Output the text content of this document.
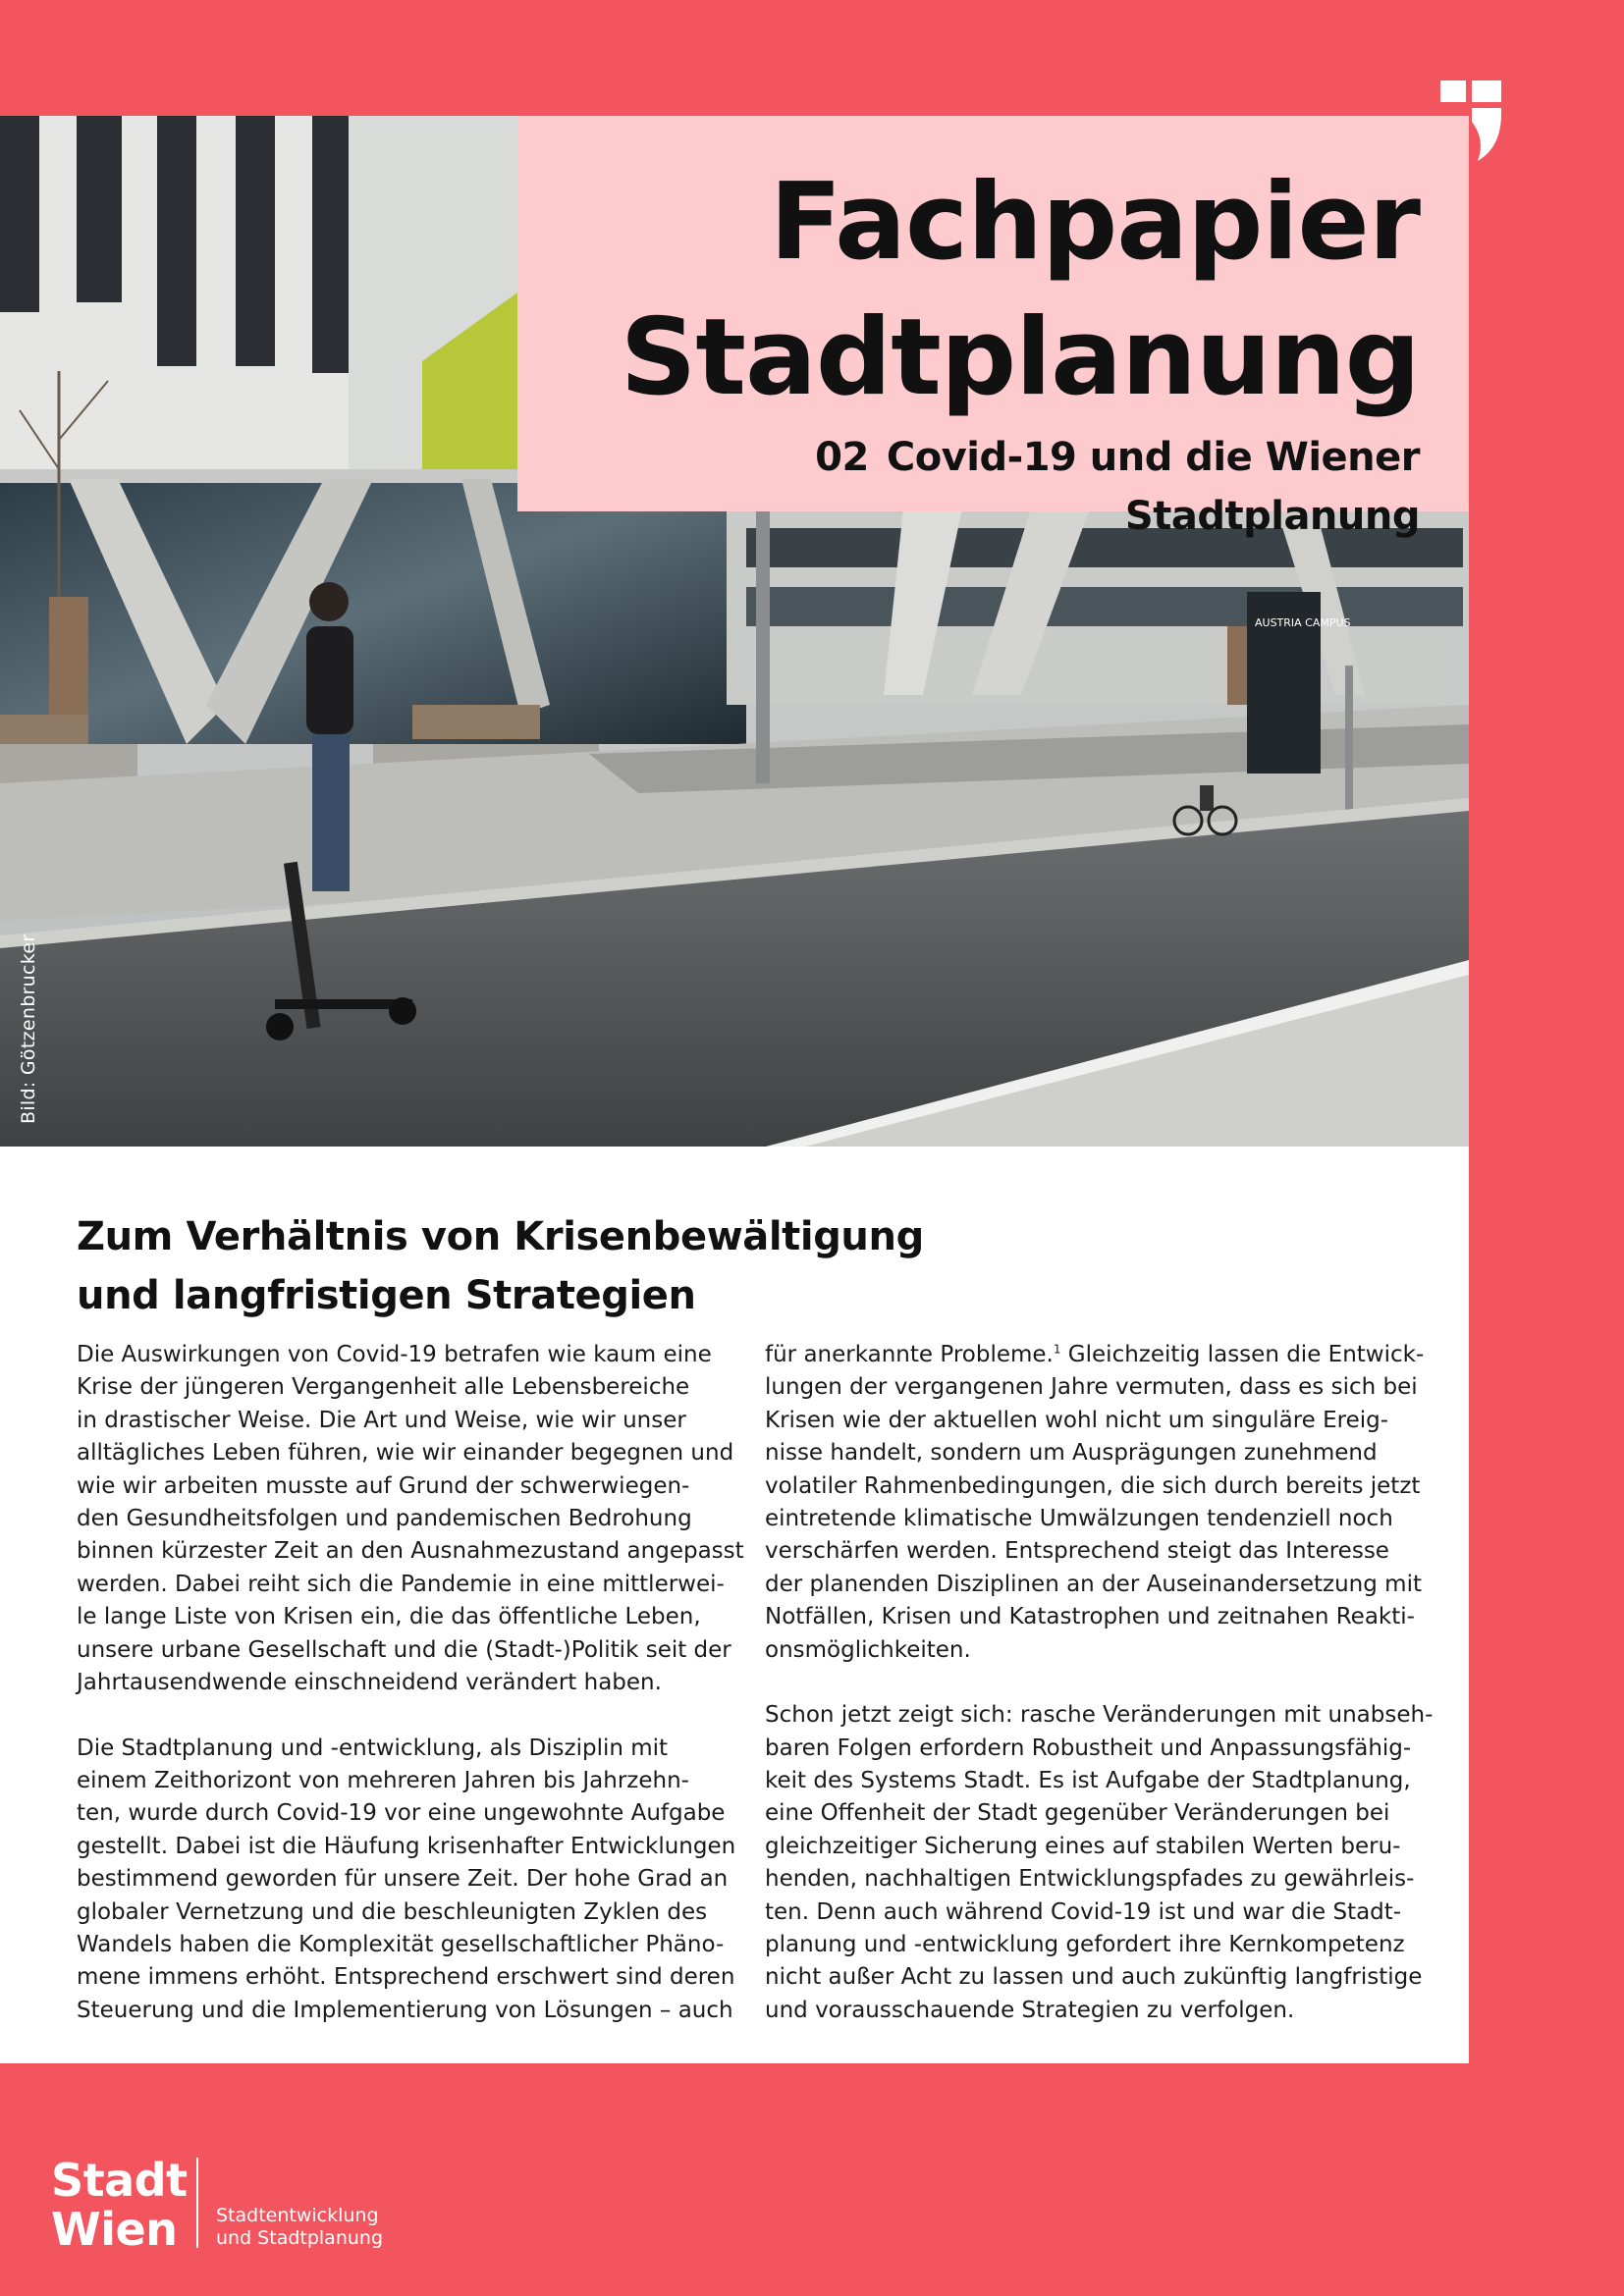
AUSTRIA CAMPUS
Bild: Götzenbrucker
Fachpapier
Stadtplanung
02 Covid-19 und die Wiener Stadtplanung
Zum Verhältnis von Krisenbewältigung
und langfristigen Strategien
Die Auswirkungen von Covid-19 betrafen wie kaum eine
Krise der jüngeren Vergangenheit alle Lebensbereiche
in drastischer Weise. Die Art und Weise, wie wir unser
alltägliches Leben führen, wie wir einander begegnen und
wie wir arbeiten musste auf Grund der schwerwiegen-
den Gesundheitsfolgen und pandemischen Bedrohung
binnen kürzester Zeit an den Ausnahmezustand angepasst
werden. Dabei reiht sich die Pandemie in eine mittlerwei-
le lange Liste von Krisen ein, die das öffentliche Leben,
unsere urbane Gesellschaft und die (Stadt-)Politik seit der
Jahrtausendwende einschneidend verändert haben.
Die Stadtplanung und -entwicklung, als Disziplin mit
einem Zeithorizont von mehreren Jahren bis Jahrzehn-
ten, wurde durch Covid-19 vor eine ungewohnte Aufgabe
gestellt. Dabei ist die Häufung krisenhafter Entwicklungen
bestimmend geworden für unsere Zeit. Der hohe Grad an
globaler Vernetzung und die beschleunigten Zyklen des
Wandels haben die Komplexität gesellschaftlicher Phäno-
mene immens erhöht. Entsprechend erschwert sind deren
Steuerung und die Implementierung von Lösungen – auch
für anerkannte Probleme.$^1$ Gleichzeitig lassen die Entwick-
lungen der vergangenen Jahre vermuten, dass es sich bei
Krisen wie der aktuellen wohl nicht um singuläre Ereig-
nisse handelt, sondern um Ausprägungen zunehmend
volatiler Rahmenbedingungen, die sich durch bereits jetzt
eintretende klimatische Umwälzungen tendenziell noch
verschärfen werden. Entsprechend steigt das Interesse
der planenden Disziplinen an der Auseinandersetzung mit
Notfällen, Krisen und Katastrophen und zeitnahen Reakti-
onsmöglichkeiten.
Schon jetzt zeigt sich: rasche Veränderungen mit unabseh-
baren Folgen erfordern Robustheit und Anpassungsfähig-
keit des Systems Stadt. Es ist Aufgabe der Stadtplanung,
eine Offenheit der Stadt gegenüber Veränderungen bei
gleichzeitiger Sicherung eines auf stabilen Werten beru-
henden, nachhaltigen Entwicklungspfades zu gewährleis-
ten. Denn auch während Covid-19 ist und war die Stadt-
planung und -entwicklung gefordert ihre Kernkompetenz
nicht außer Acht zu lassen und auch zukünftig langfristige
und vorausschauende Strategien zu verfolgen.
Stadt
Wien	Stadtentwicklung
und Stadtplanung
